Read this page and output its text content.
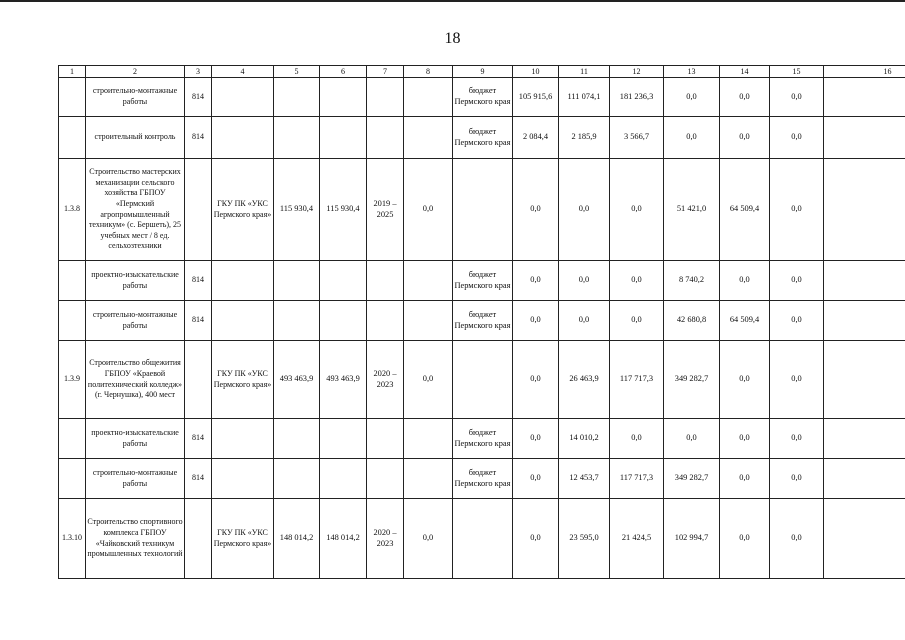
18
1	2	3	4	5	6	7	8	9	10	11	12	13	14	15	16
	строительно-монтажные работы	814						бюджет Пермского края	105 915,6	111 074,1	181 236,3	0,0	0,0	0,0	
	строительный контроль	814						бюджет Пермского края	2 084,4	2 185,9	3 566,7	0,0	0,0	0,0	
1.3.8	Строительство мастерских механизации сельского хозяйства ГБПОУ «Пермский агропромышленный техникум» (с. Бершеть), 25 учебных мест / 8 ед. сельхозтехники		ГКУ ПК «УКС Пермского края»	115 930,4	115 930,4	2019 – 2025	0,0		0,0	0,0	0,0	51 421,0	64 509,4	0,0	
	проектно-изыскательские работы	814						бюджет Пермского края	0,0	0,0	0,0	8 740,2	0,0	0,0	
	строительно-монтажные работы	814						бюджет Пермского края	0,0	0,0	0,0	42 680,8	64 509,4	0,0	
1.3.9	Строительство общежития ГБПОУ «Краевой политехнический колледж» (г. Чернушка), 400 мест		ГКУ ПК «УКС Пермского края»	493 463,9	493 463,9	2020 – 2023	0,0		0,0	26 463,9	117 717,3	349 282,7	0,0	0,0	
	проектно-изыскательские работы	814						бюджет Пермского края	0,0	14 010,2	0,0	0,0	0,0	0,0	
	строительно-монтажные работы	814						бюджет Пермского края	0,0	12 453,7	117 717,3	349 282,7	0,0	0,0	
1.3.10	Строительство спортивного комплекса ГБПОУ «Чайковский техникум промышленных технологий		ГКУ ПК «УКС Пермского края»	148 014,2	148 014,2	2020 – 2023	0,0		0,0	23 595,0	21 424,5	102 994,7	0,0	0,0	
